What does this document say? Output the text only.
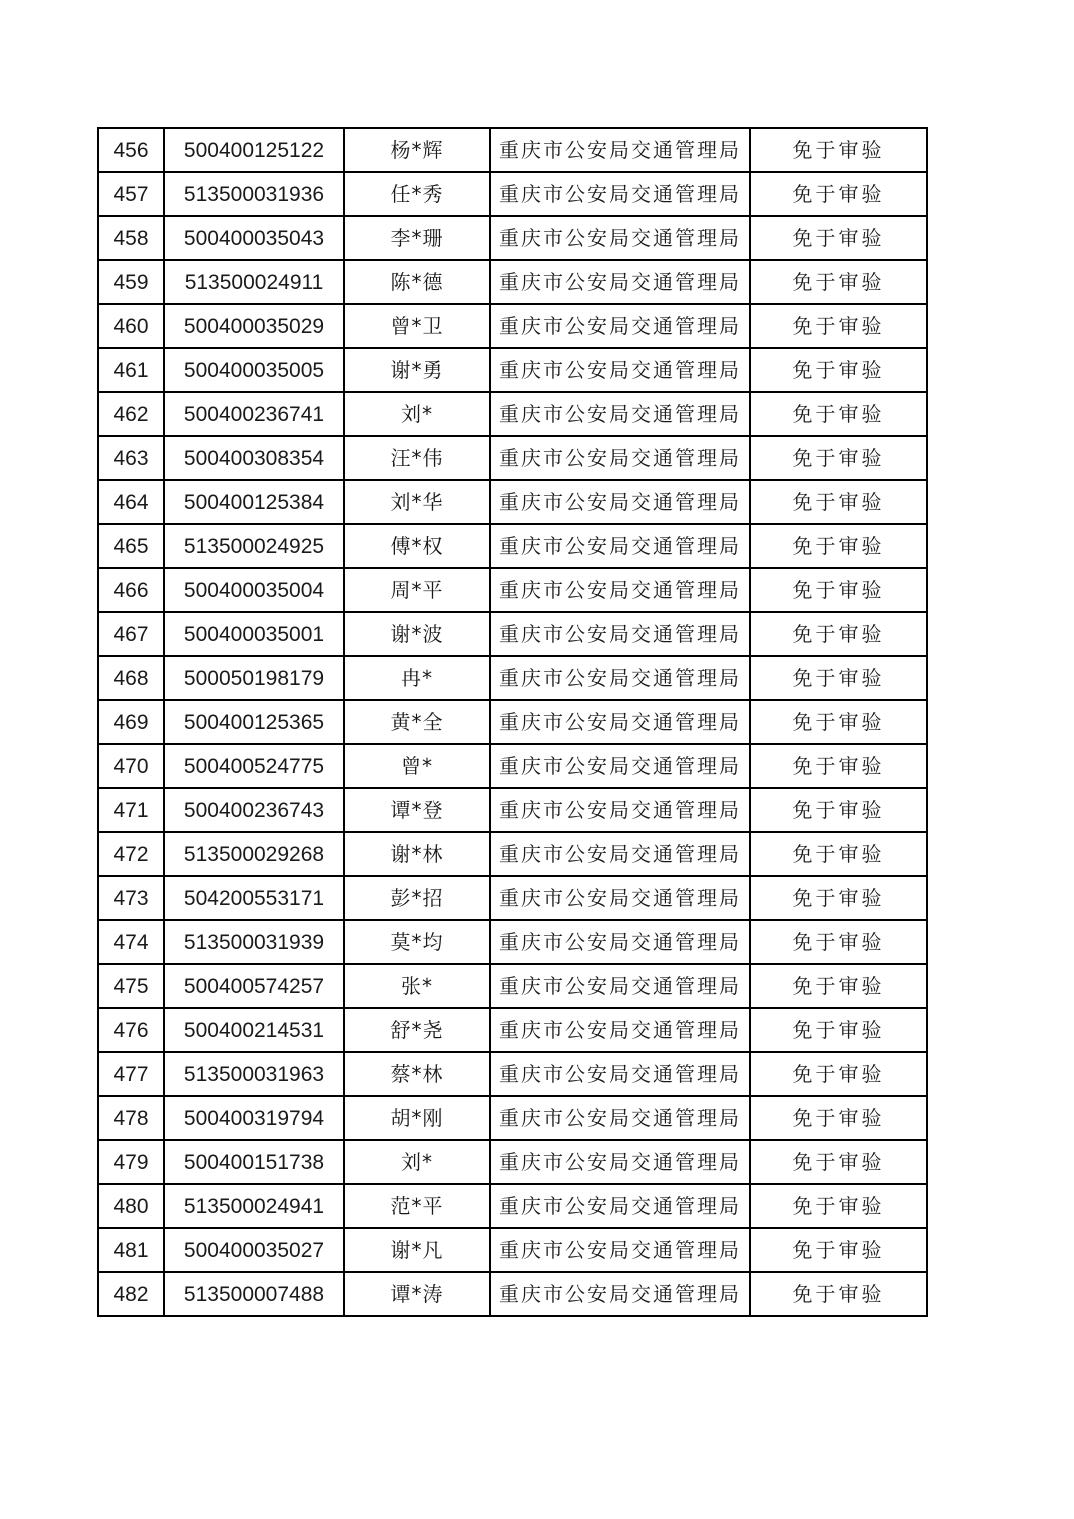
456	500400125122	杨*辉	重庆市公安局交通管理局	免于审验
457	513500031936	任*秀	重庆市公安局交通管理局	免于审验
458	500400035043	李*珊	重庆市公安局交通管理局	免于审验
459	513500024911	陈*德	重庆市公安局交通管理局	免于审验
460	500400035029	曾*卫	重庆市公安局交通管理局	免于审验
461	500400035005	谢*勇	重庆市公安局交通管理局	免于审验
462	500400236741	刘*	重庆市公安局交通管理局	免于审验
463	500400308354	汪*伟	重庆市公安局交通管理局	免于审验
464	500400125384	刘*华	重庆市公安局交通管理局	免于审验
465	513500024925	傅*权	重庆市公安局交通管理局	免于审验
466	500400035004	周*平	重庆市公安局交通管理局	免于审验
467	500400035001	谢*波	重庆市公安局交通管理局	免于审验
468	500050198179	冉*	重庆市公安局交通管理局	免于审验
469	500400125365	黄*全	重庆市公安局交通管理局	免于审验
470	500400524775	曾*	重庆市公安局交通管理局	免于审验
471	500400236743	谭*登	重庆市公安局交通管理局	免于审验
472	513500029268	谢*林	重庆市公安局交通管理局	免于审验
473	504200553171	彭*招	重庆市公安局交通管理局	免于审验
474	513500031939	莫*均	重庆市公安局交通管理局	免于审验
475	500400574257	张*	重庆市公安局交通管理局	免于审验
476	500400214531	舒*尧	重庆市公安局交通管理局	免于审验
477	513500031963	蔡*林	重庆市公安局交通管理局	免于审验
478	500400319794	胡*刚	重庆市公安局交通管理局	免于审验
479	500400151738	刘*	重庆市公安局交通管理局	免于审验
480	513500024941	范*平	重庆市公安局交通管理局	免于审验
481	500400035027	谢*凡	重庆市公安局交通管理局	免于审验
482	513500007488	谭*涛	重庆市公安局交通管理局	免于审验
